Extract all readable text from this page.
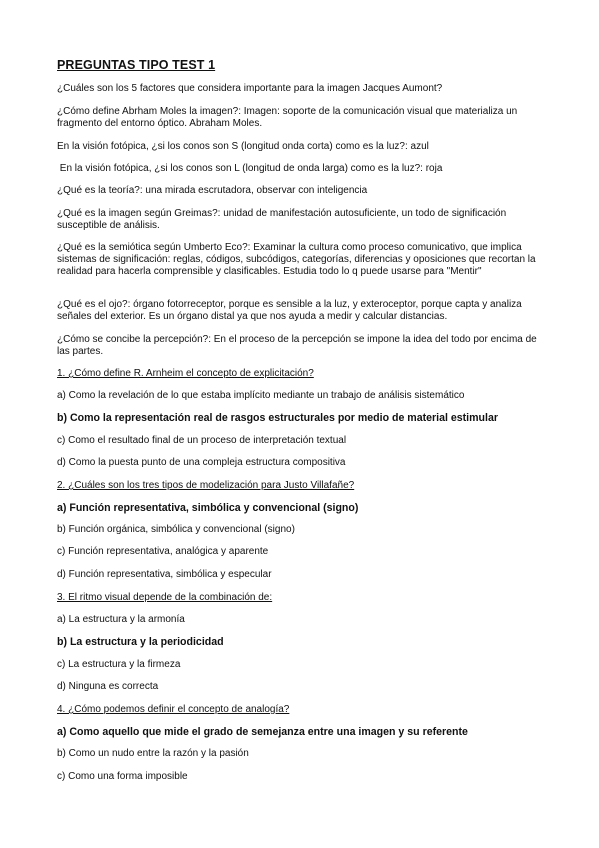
PREGUNTAS TIPO TEST 1
¿Cuáles son los 5 factores que considera importante para la imagen Jacques Aumont?
¿Cómo define Abrham Moles la imagen?: Imagen: soporte de la comunicación visual que materializa un fragmento del entorno óptico. Abraham Moles.
En la visión fotópica, ¿si los conos son S (longitud onda corta) como es la luz?: azul
En la visión fotópica, ¿si los conos son L (longitud de onda larga) como es la luz?: roja
¿Qué es la teoría?: una mirada escrutadora, observar con inteligencia
¿Qué es la imagen según Greimas?: unidad de manifestación autosuficiente, un todo de significación susceptible de análisis.
¿Qué es la semiótica según Umberto Eco?: Examinar la cultura como proceso comunicativo, que implica sistemas de significación: reglas, códigos, subcódigos, categorías, diferencias y oposiciones que recortan la realidad para hacerla comprensible y clasificables. Estudia todo lo q puede usarse para "Mentir"
¿Qué es el ojo?: órgano fotorreceptor, porque es sensible a la luz, y exteroceptor, porque capta y analiza señales del exterior. Es un órgano distal ya que nos ayuda a medir y calcular distancias.
¿Cómo se concibe la percepción?: En el proceso de la percepción se impone la idea del todo por encima de las partes.
1. ¿Cómo define R. Arnheim el concepto de explicitación?
a) Como la revelación de lo que estaba implícito mediante un trabajo de análisis sistemático
b) Como la representación real de rasgos estructurales por medio de material estimular
c) Como el resultado final de un proceso de interpretación textual
d) Como la puesta punto de una compleja estructura compositiva
2. ¿Cuáles son los tres tipos de modelización para Justo Villafañe?
a) Función representativa, simbólica y convencional (signo)
b) Función orgánica, simbólica y convencional (signo)
c) Función representativa, analógica y aparente
d) Función representativa, simbólica y especular
3. El ritmo visual depende de la combinación de:
a) La estructura y la armonía
b) La estructura y la periodicidad
c) La estructura y la firmeza
d) Ninguna es correcta
4. ¿Cómo podemos definir el concepto de analogía?
a) Como aquello que mide el grado de semejanza entre una imagen y su referente
b) Como un nudo entre la razón y la pasión
c) Como una forma imposible
